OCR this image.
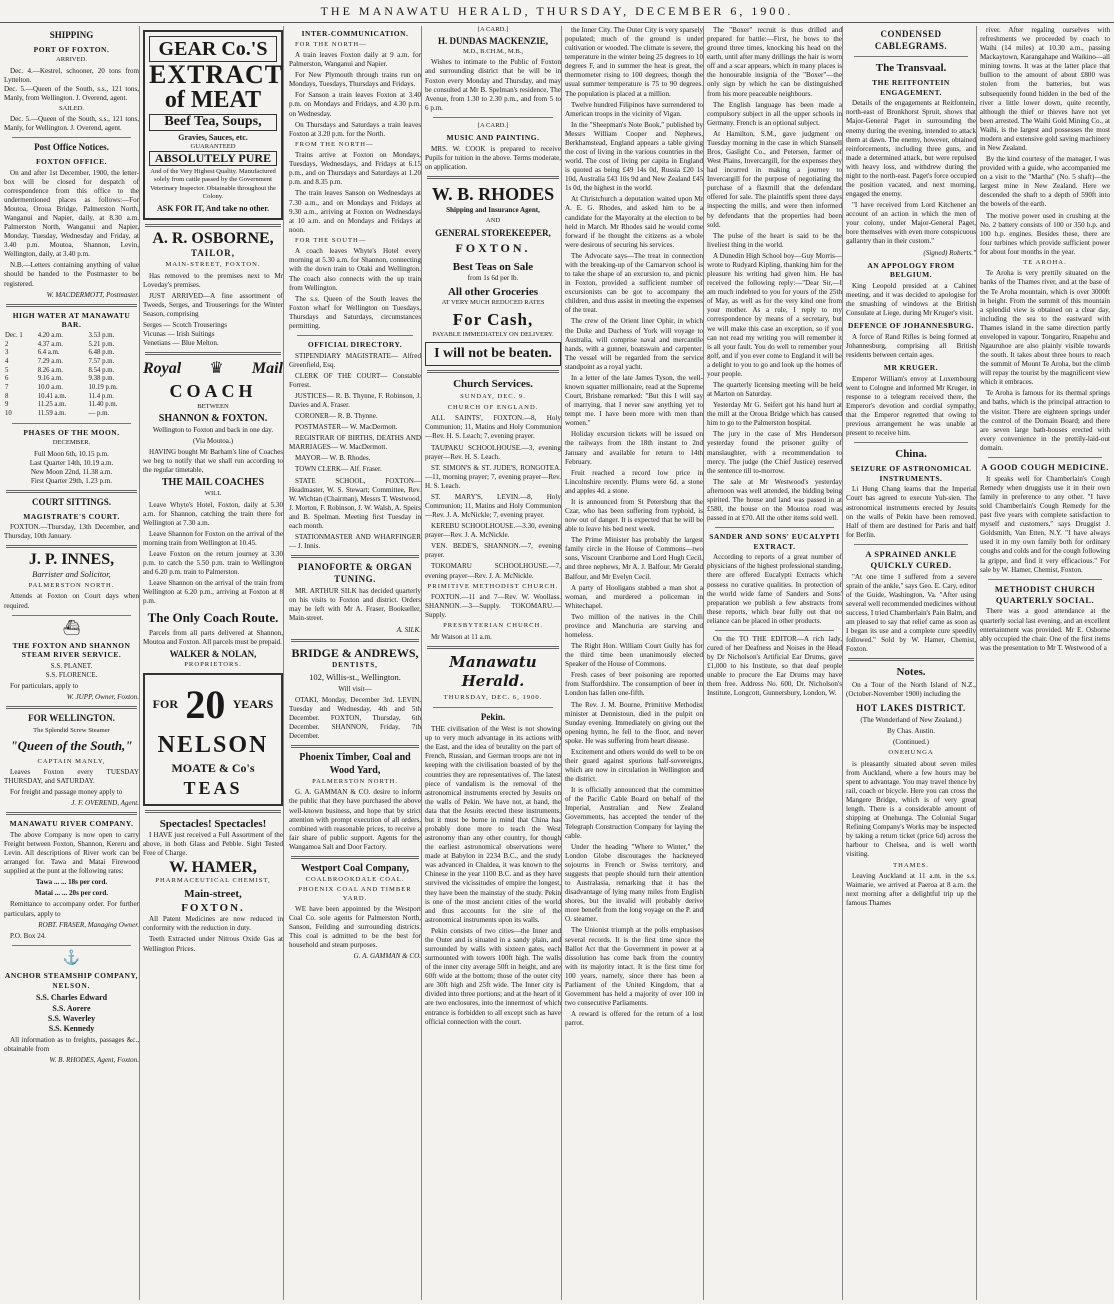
THE MANAWATU HERALD, THURSDAY, DECEMBER 6, 1900.
SHIPPING
PORT OF FOXTON.

ARRIVED.

Dec. 4.—Kestrel, schooner, 20 tons from Lyttelton.
Dec. 5.—Queen of the South, s.s., 121 tons, Manly, from Wellington. J. Overend, agent.

SAILED.

Dec. 5.—Queen of the South, s.s., 121 tons, Manly, for Wellington. J. Overend, agent.

Post Office Notices.
FOXTON OFFICE.

On and after 1st December, 1900, the letter-box will be closed for despatch of correspondence from this office to the undermentioned places as follows:—For Moutoa, Oroua Bridge, Palmerston North, Wanganui and Napier, daily, at 8.30 a.m. Palmerston North, Wanganui and Napier, Monday, Tuesday, Wednesday and Friday, at 3.40 p.m. Moutoa, Shannon, Levin, Wellington, daily, at 3.40 p.m.

N.B.—Letters containing anything of value should be handed to the Postmaster to be registered.

W. MACDERMOTT, Postmaster.

HIGH WATER AT MANAWATU BAR.
Dec. 1	4.20 a.m.	3.53 p.m.
2	4.37 a.m.	5.21 p.m.
3	6.4 a.m.	6.48 p.m.
4	7.29 a.m.	7.57 p.m.
5	8.26 a.m.	8.54 p.m.
6	9.16 a.m.	9.38 p.m.
7	10.0 a.m.	10.19 p.m.
8	10.41 a.m.	11.4 p.m.
9	11.25 a.m.	11.40 p.m.
10	11.59 a.m.	— p.m.
PHASES OF THE MOON.

DECEMBER.

Full Moon 6th, 10.15 p.m.
Last Quarter 14th, 10.19 a.m.
New Moon 22nd, 11.38 a.m.
First Quarter 29th, 1.23 p.m.

COURT SITTINGS.
MAGISTRATE'S COURT.

FOXTON.—Thursday, 13th December, and Thursday, 10th January.

J. P. INNES,

Barrister and Solicitor,

PALMERSTON NORTH.

Attends at Foxton on Court days when required.

⛴
THE FOXTON AND SHANNON STEAM RIVER SERVICE.

S.S. PLANET.
S.S. FLORENCE.

For particulars, apply to

W. JUPP, Owner, Foxton.

FOR WELLINGTON.

The Splendid Screw Steamer

"Queen of the South,"

CAPTAIN MANLY,

Leaves Foxton every TUESDAY THURSDAY, and SATURDAY.

For freight and passage money apply to

J. F. OVEREND, Agent.

MANAWATU RIVER COMPANY.

The above Company is now open to carry Freight between Foxton, Shannon, Kereru and Levin. All descriptions of River work can be arranged for. Tawa and Matai Firewood supplied at the punt at the following rates:

Tawa ... ... 18s per cord.

Matai ... ... 20s per cord.

Remittance to accompany order. For further particulars, apply to

ROBT. FRASER, Managing Owner.

P.O. Box 24.

⚓
ANCHOR STEAMSHIP COMPANY,

NELSON.

S.S. Charles Edward
S.S. Aorere
S.S. Waverley
S.S. Kennedy

All information as to freights, passages &c., obtainable from

W. B. RHODES, Agent, Foxton.

GEAR Co.'S
EXTRACT
of MEAT
Beef Tea, Soups,
Gravies, Sauces, etc.
GUARANTEED
ABSOLUTELY PURE
And of the Very Highest Quality. Manufactured solely from cattle passed by the Government Veterinary Inspector. Obtainable throughout the Colony.
ASK FOR IT, And take no other.
A. R. OSBORNE,

TAILOR,

MAIN-STREET, FOXTON.

Has removed to the premises next to Mr Loveday's premises.

JUST ARRIVED—A fine assortment of Tweeds, Serges, and Trouserings for the Winter Season, comprising

Serges — Scotch Trouserings
Vicunas — Irish Suitings
Venetians — Blue Melton.

Royal ♛ Mail
COACH

BETWEEN

SHANNON & FOXTON.

Wellington to Foxton and back in one day.

(Via Moutoa.)

HAVING bought Mr Barham's line of Coaches we beg to notify that we shall run according to the regular timetable,

THE MAIL COACHES

WILL

Leave Whyte's Hotel, Foxton, daily at 5.30 a.m. for Shannon, catching the train there for Wellington at 7.30 a.m.

Leave Shannon for Foxton on the arrival of the morning train from Wellington at 10.45.

Leave Foxton on the return journey at 3.30 p.m. to catch the 5.50 p.m. train to Wellington and 6.20 p.m. train to Palmerston.

Leave Shannon on the arrival of the train from Wellington at 6.20 p.m., arriving at Foxton at 8 p.m.

The Only Coach Route.

Parcels from all parts delivered at Shannon, Moutoa and Foxton. All parcels must be prepaid.

WALKER & NOLAN,

PROPRIETORS.

FOR 20 YEARS
NELSON
MOATE & Co's
TEAS
Spectacles! Spectacles!

I HAVE just received a Full Assortment of the above, in both Glass and Pebble. Sight Tested Free of Charge.

W. HAMER,

PHARMACEUTICAL CHEMIST,

Main-street,
FOXTON.

All Patent Medicines are now reduced in conformity with the reduction in duty.

Teeth Extracted under Nitrous Oxide Gas at Wellington Prices.

INTER-COMMUNICATION.

FOR THE NORTH—

A train leaves Foxton daily at 9 a.m. for Palmerston, Wanganui and Napier.

For New Plymouth through trains run on Mondays, Tuesdays, Thursdays and Fridays.

For Sanson a train leaves Foxton at 3.40 p.m. on Mondays and Fridays, and 4.30 p.m. on Wednesday.

On Thursdays and Saturdays a train leaves Foxton at 3.20 p.m. for the North.

FROM THE NORTH—

Trains arrive at Foxton on Mondays, Tuesdays, Wednesdays, and Fridays at 6.15 p.m., and on Thursdays and Saturdays at 1.20 p.m. and 8.35 p.m.

The train leaves Sanson on Wednesdays at 7.30 a.m., and on Mondays and Fridays at 9.30 a.m., arriving at Foxton on Wednesdays at 10 a.m. and on Mondays and Fridays at noon.

FOR THE SOUTH—

A coach leaves Whyte's Hotel every morning at 5.30 a.m. for Shannon, connecting with the down train to Otaki and Wellington. The coach also connects with the up train from Wellington.

The s.s. Queen of the South leaves the Foxton wharf for Wellington on Tuesdays, Thursdays and Saturdays, circumstances permitting.

OFFICIAL DIRECTORY.

STIPENDIARY MAGISTRATE— Alfred Greenfield, Esq.

CLERK OF THE COURT— Constable Forrest.

JUSTICES— R. B. Thynne, F. Robinson, J. Davies and A. Fraser.

CORONER— R. B. Thynne.

POSTMASTER— W. MacDermott.

REGISTRAR OF BIRTHS, DEATHS AND MARRIAGES— W. MacDermott.

MAYOR— W. B. Rhodes.

TOWN CLERK— Alf. Fraser.

STATE SCHOOL, FOXTON— Headmaster, W. S. Stewart; Committee, Rev. W. Wichtan (Chairman), Messrs T. Westwood, J. Morton, F. Robinson, J. W. Walsh, A. Speirs and B. Spelman. Meeting first Tuesday in each month.

STATIONMASTER AND WHARFINGER— J. Innis.

PIANOFORTE & ORGAN TUNING.

MR. ARTHUR SILK has decided quarterly on his visits to Foxton and district. Orders may be left with Mr A. Fraser, Bookseller, Main-street.

A. SILK.

BRIDGE & ANDREWS,

DENTISTS,

102, Willis-st., Wellington.

Will visit—

OTAKI, Monday, December 3rd. LEVIN, Tuesday and Wednesday, 4th and 5th December. FOXTON, Thursday, 6th December. SHANNON, Friday, 7th December.

Phoenix Timber, Coal and Wood Yard,

PALMERSTON NORTH.

G. A. GAMMAN & CO. desire to inform the public that they have purchased the above well-known business, and hope that by strict attention with prompt execution of all orders, combined with reasonable prices, to receive a fair share of public support. Agents for the Wangamoa Salt and Door Factory.

Westport Coal Company,

COALBROOKDALE COAL.

PHOENIX COAL AND TIMBER YARD.

WE have been appointed by the Westport Coal Co. sole agents for Palmerston North, Sanson, Feilding and surrounding districts. This coal is admitted to be the best for household and steam purposes.

G. A. GAMMAN & CO.

[A CARD.]

H. DUNDAS MACKENZIE,

M.D., B.CH.M., M.B.,

Wishes to intimate to the Public of Foxton and surrounding district that he will be in Foxton every Monday and Thursday, and may be consulted at Mr B. Spelman's residence, The Avenue, from 1.30 to 2.30 p.m., and from 5 to 6 p.m.

[A CARD.]

MUSIC AND PAINTING.

MRS. W. COOK is prepared to receive Pupils for tuition in the above. Terms moderate, on application.

W. B. RHODES

Shipping and Insurance Agent,

AND

GENERAL STOREKEEPER,

FOXTON.

Best Teas on Sale

from 1s 6d per lb.

All other Groceries

AT VERY MUCH REDUCED RATES

For Cash,

PAYABLE IMMEDIATELY ON DELIVERY.

I will not be beaten.
Church Services.

SUNDAY, DEC. 9.

CHURCH OF ENGLAND.

ALL SAINTS', FOXTON.—8, Holy Communion; 11, Matins and Holy Communion—Rev. H. S. Leach; 7, evening prayer.

TAUPAKU SCHOOLHOUSE.—3, evening prayer—Rev. H. S. Leach.

ST. SIMON'S & ST. JUDE'S, RONGOTEA.—11, morning prayer; 7, evening prayer—Rev. H. S. Leach.

ST. MARY'S, LEVIN.—8, Holy Communion; 11, Matins and Holy Communion—Rev. J. A. McNickle; 7, evening prayer.

KEREBU SCHOOLHOUSE.—3.30, evening prayer—Rev. J. A. McNickle.

VEN. BEDE'S, SHANNON.—7, evening prayer.

TOKOMARU SCHOOLHOUSE.—7, evening prayer—Rev. J. A. McNickle.

PRIMITIVE METHODIST CHURCH.

FOXTON.—11 and 7—Rev. W. Woollass. SHANNON.—3—Supply. TOKOMARU.—Supply.

PRESBYTERIAN CHURCH.

Mr Watson at 11 a.m.

Manawatu Herald.

THURSDAY, DEC. 6, 1900.

Pekin.

THE civilisation of the West is not showing up to very much advantage in its actions with the East, and the idea of brutality on the part of French, Russian, and German troops are not in keeping with the civilisation boasted of by the countries they are representatives of. The latest piece of vandalism is the removal of the astronomical instruments erected by Jesuits on the walls of Pekin. We have not, at hand, the data that the Jesuits erected these instruments, but it must be borne in mind that China has probably done more to teach the West astronomy than any other country, for though the earliest astronomical observations were made at Babylon in 2234 B.C., and the study was advanced in Chaldea, it was known to the Chinese in the year 1100 B.C. and as they have survived the vicissitudes of empire the longest, they have been the mainstay of the study. Pekin is one of the most ancient cities of the world and thus accounts for the site of the astronomical instruments upon its walls.

Pekin consists of two cities—the Inner and the Outer and is situated in a sandy plain, and surrounded by walls with sixteen gates, each surmounted with towers 100ft high. The walls of the inner city average 50ft in height, and are 60ft wide at the bottom; those of the outer city are 30ft high and 25ft wide. The Inner city is divided into three portions; and at the heart of it are two enclosures, into the innermost of which entrance is forbidden to all except such as have official connection with the court.

the Inner City. The Outer City is very sparsely populated; much of the ground is under cultivation or wooded. The climate is severe, the temperature in the winter being 25 degrees to 10 degrees F, and in summer the heat is great, the thermometer rising to 100 degrees, though the usual summer temperature is 75 to 90 degrees. The population is placed at a million.

Twelve hundred Filipinos have surrendered to American troops in the vicinity of Vigan.

In the "Sheepman's Note Book," published by Messrs William Cooper and Nephews, Berkhamstead, England appears a table giving the cost of living in the various countries in the world. The cost of living per capita in England is quoted as being £49 14s 0d, Russia £20 1s 10d, Australia £43 10s 9d and New Zealand £45 1s 0d, the highest in the world.

At Christchurch a deputation waited upon Mr A. E. G. Rhodes, and asked him to be a candidate for the Mayoralty at the election to be held in March. Mr Rhodes said he would come forward if he thought the citizens as a whole were desirous of securing his services.

The Advocate says—The treat in connection with the breaking-up of the Carnarvon school is to take the shape of an excursion to, and picnic in Foxton, provided a sufficient number of excursionists can be got to accompany the children, and thus assist in meeting the expenses of the treat.

The crew of the Orient liner Ophir, in which the Duke and Duchess of York will voyage to Australia, will comprise naval and mercantile hands, with a gunner, boatswain and carpenter. The vessel will be regarded from the service standpoint as a royal yacht.

In a letter of the late James Tyson, the well-known squatter millionaire, read at the Supreme Court, Brisbane remarked: "But this I will say of marrying, that I never saw anything yet to tempt me. I have been more with men than women."

Holiday excursion tickets will be issued on the railways from the 18th instant to 2nd January and available for return to 14th February.

Fruit reached a record low price in Lincolnshire recently. Plums were 6d. a stone and apples 4d. a stone.

It is announced from St Petersburg that the Czar, who has been suffering from typhoid, is now out of danger. It is expected that he will be able to leave his bed next week.

The Prime Minister has probably the largest family circle in the House of Commons—two sons, Viscount Cranborne and Lord Hugh Cecil, and three nephews, Mr A. J. Balfour, Mr Gerald Balfour, and Mr Evelyn Cecil.

A party of Hooligans stabbed a man shot a woman, and murdered a policeman in Whitechapel.

Two million of the natives in the Chili province and Manchuria are starving and homeless.

The Right Hon. William Court Gully has for the third time been unanimously elected Speaker of the House of Commons.

Fresh cases of beer poisoning are reported from Staffordshire. The consumption of beer in London has fallen one-fifth.

The Rev. J. M. Bourne, Primitive Methodist minister at Dennistoun, died in the pulpit on Sunday evening. Immediately on giving out the opening hymn, he fell to the floor, and never spoke. He was suffering from heart disease.

Excitement and others would do well to be on their guard against spurious half-sovereigns, which are now in circulation in Wellington and the district.

It is officially announced that the committee of the Pacific Cable Board on behalf of the Imperial, Australian and New Zealand Governments, has accepted the tender of the Telegraph Construction Company for laying the cable.

Under the heading "Where to Winter," the London Globe discourages the hackneyed sojourns in French or Swiss territory, and suggests that people should turn their attention to Australasia, remarking that it has the disadvantage of lying many miles from English shores, but the invalid will probably derive more benefit from the long voyage on the P. and O. steamer.

The Unionist triumph at the polls emphasises several records. It is the first time since the Ballot Act that the Government in power at a dissolution has come back from the country with its majority intact. It is the first time for 100 years, namely, since there has been a Parliament of the United Kingdom, that a Government has held a majority of over 100 in two consecutive Parliaments.

A reward is offered for the return of a lost parrot.

The "Boxer" recruit is thus drilled and prepared for battle:—First, he bows to the ground three times, knocking his head on the earth, until after many drillings the hair is worn off and a scar appears, which in many places is the honourable insignia of the "Boxer"—the only sign by which he can be distinguished from his more peaceable neighbours.

The English language has been made a compulsory subject in all the upper schools in Germany. French is an optional subject.

At Hamilton, S.M., gave judgment on Tuesday morning in the case in which Stansell Bros, Gaslight Co., and Petersen, farmer of West Plains, Invercargill, for the expenses they had incurred in making a journey to Invercargill for the purpose of negotiating the purchase of a flaxmill that the defendant offered for sale. The plaintiffs spent three days inspecting the mills, and were then informed by defendants that the properties had been sold.

The pulse of the heart is said to be the liveliest thing in the world.

A Dunedin High School boy—Guy Morris—wrote to Rudyard Kipling, thanking him for the pleasure his writing had given him. He has received the following reply:—"Dear Sir,—I am much indebted to you for yours of the 25th of May, as well as for the very kind one from your mother. As a rule, I reply to my correspondence by means of a secretary, but we will make this case an exception, so if you can not read my writing you will remember it is all your fault. You do well to remember your golf, and if you ever come to England it will be a delight to you to go and look up the homes of your people.

The quarterly licensing meeting will be held at Marton on Saturday.

Yesterday Mr G. Seifert got his hand hurt at the mill at the Oroua Bridge which has caused him to go to the Palmerston hospital.

The jury in the case of Mrs Henderson yesterday found the prisoner guilty of manslaughter, with a recommendation to mercy. The judge (the Chief Justice) reserved the sentence till to-morrow.

The sale at Mr Westwood's yesterday afternoon was well attended, the bidding being spirited. The house and land was passed in at £580, the house on the Moutoa road was passed in at £70. All the other items sold well.

SANDER AND SONS' EUCALYPTI EXTRACT.

According to reports of a great number of physicians of the highest professional standing, there are offered Eucalypti Extracts which possess no curative qualities. In protection of the world wide fame of Sanders and Sons' preparation we publish a few abstracts from these reports, which bear fully out that no reliance can be placed in other products.

On the TO THE EDITOR—A rich lady, cured of her Deafness and Noises in the Head by Dr Nicholson's Artificial Ear Drums, gave £1,000 to his Institute, so that deaf people unable to procure the Ear Drums may have them free. Address No. 600, Dr. Nicholson's Institute, Longcott, Gunnersbury, London, W.

CONDENSED CABLEGRAMS.
The Transvaal.
THE REITFONTEIN ENGAGEMENT.

Details of the engagements at Reitfontein, north-east of Bronkhorst Spruit, shows that Major-General Paget in surrounding the enemy during the evening, intended to attack them at dawn. The enemy, however, obtained reinforcements, including three guns, and made a determined attack, but were repulsed with heavy loss, and withdrew during the night to the north-east. Paget's force occupied the position vacated, and next morning, engaged the enemy.

"I have received from Lord Kitchener an account of an action in which the men of your colony, under Major-General Paget, bore themselves with even more conspicuous gallantry than in their custom."

(Signed) Roberts."

AN APPOLOGY FROM BELGIUM.

King Leopold presided at a Cabinet meeting, and it was decided to apologise for the smashing of windows at the British Consulate at Liege, during Mr Kruger's visit.

DEFENCE OF JOHANNESBURG.

A force of Rand Rifles is being formed at Johannesburg, comprising all British residents between certain ages.

MR KRUGER.

Emperor William's envoy at Luxembourg went to Cologne and informed Mr Kruger, in response to a telegram received there, the Emperor's devotion and cordial sympathy, that the Emperor regretted that owing to previous arrangement he was unable at present to receive him.

China.
SEIZURE OF ASTRONOMICAL INSTRUMENTS.

Li Hung Chang learns that the Imperial Court has agreed to execute Yuh-sien. The astronomical instruments erected by Jesuits on the walls of Pekin have been removed. Half of them are destined for Paris and half for Berlin.

A SPRAINED ANKLE QUICKLY CURED.

"At one time I suffered from a severe sprain of the ankle," says Geo. E. Cary, editor of the Guide, Washington, Va. "After using several well recommended medicines without success, I tried Chamberlain's Pain Balm, and am pleased to say that relief came as soon as I began its use and a complete cure speedily followed." Sold by W. Hamer, Chemist, Foxton.

Notes.

On a Tour of the North Island of N.Z., (October-November 1900) including the

HOT LAKES DISTRICT.

(The Wonderland of New Zealand.)

By Chas. Austin.

(Continued.)

ONEHUNGA

is pleasantly situated about seven miles from Auckland, where a few hours may be spent to advantage. You may travel thence by rail, coach or bicycle. Here you can cross the Mangere Bridge, which is of very great length. There is a considerable amount of shipping at Onehunga. The Colonial Sugar Refining Company's Works may be inspected by taking a return ticket (price 6d) across the harbour to Chelsea, and is well worth visiting.

THAMES.

Leaving Auckland at 11 a.m. in the s.s. Waimarie, we arrived at Paeroa at 8 a.m. the next morning after a delightful trip up the famous Thames

river. After regaling ourselves with refreshments we proceeded by coach to Waihi (14 miles) at 10.30 a.m., passing Mackaytown, Karangahape and Waikino—all mining towns. It was at the latter place that bullion to the amount of about £800 was stolen from the batteries, but was subsequently found hidden in the bed of the river a little lower down, quite recently, although the thief or thieves have not yet been arrested. The Waihi Gold Mining Co., at Waihi, is the largest and possesses the most modern and extensive gold saving machinery in New Zealand.

By the kind courtesy of the manager, I was provided with a guide, who accompanied me on a visit to the "Martha" (No. 5 shaft)—the largest mine in New Zealand. Here we descended the shaft to a depth of 590ft into the bowels of the earth.

The motive power used in crushing at the No. 2 battery consists of 100 or 350 h.p. and 100 h.p. engines. Besides these, there are four turbines which provide sufficient power for about four months in the year.

TE AROHA.

Te Aroha is very prettily situated on the banks of the Thames river, and at the base of the Te Aroha mountain, which is over 3000ft in height. From the summit of this mountain a splendid view is obtained on a clear day, including the sea to the eastward with Thames island in the same direction partly enveloped in vapour. Tongariro, Ruapehu and Ngauruhoe are also plainly visible towards the south. It takes about three hours to reach the summit of Mount Te Aroha, but the climb will repay the tourist by the magnificent view which it embraces.

Te Aroha is famous for its thermal springs and baths, which is the principal attraction to the visitor. There are eighteen springs under the control of the Domain Board; and there are seven large bath-houses erected with every convenience in the prettily-laid-out domain.

A GOOD COUGH MEDICINE.

It speaks well for Chamberlain's Cough Remedy when druggists use it in their own family in preference to any other. "I have sold Chamberlain's Cough Remedy for the past five years with complete satisfaction to myself and customers," says Druggist J. Goldsmith, Van Etten, N.Y. "I have always used it in my own family both for ordinary coughs and colds and for the cough following la grippe, and find it very efficacious." For sale by W. Hamer, Chemist, Foxton.

METHODIST CHURCH QUARTERLY SOCIAL.

There was a good attendance at the quarterly social last evening, and an excellent entertainment was provided. Mr E. Osborne ably occupied the chair. One of the first items was the presentation to Mr T. Westwood of a
